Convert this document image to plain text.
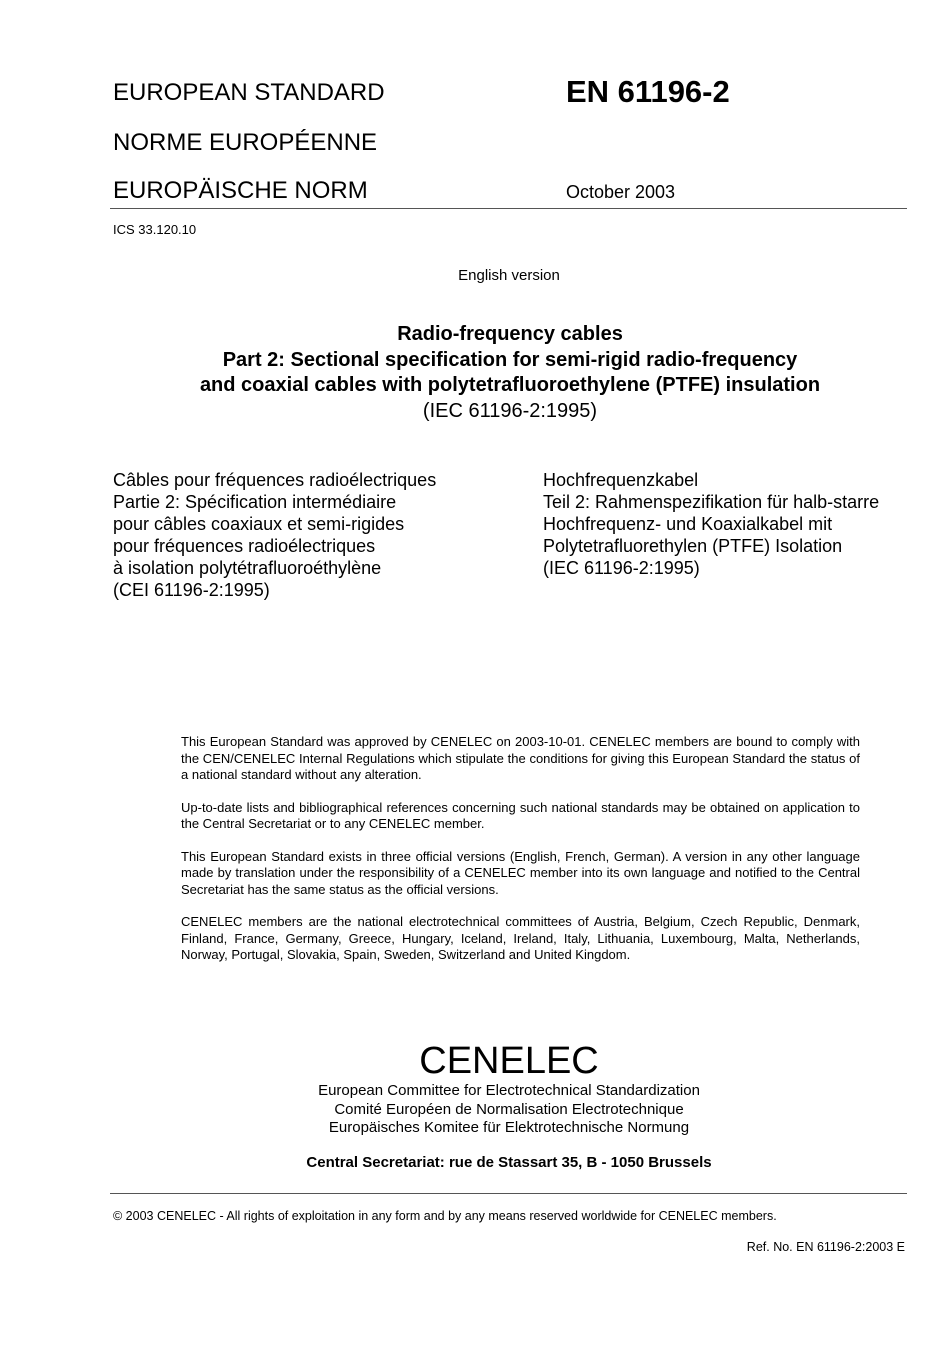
EUROPEAN STANDARD

NORME EUROPÉENNE

EUROPÄISCHE NORM

EN 61196-2

October 2003

ICS 33.120.10

English version

Radio-frequency cables
Part 2: Sectional specification for semi-rigid radio-frequency
and coaxial cables with polytetrafluoroethylene (PTFE) insulation
(IEC 61196-2:1995)
Câbles pour fréquences radioélectriques
Partie 2: Spécification intermédiaire
pour câbles coaxiaux et semi-rigides
pour fréquences radioélectriques
à isolation polytétrafluoroéthylène
(CEI 61196-2:1995)
Hochfrequenzkabel
Teil 2: Rahmenspezifikation für halb-starre
Hochfrequenz- und Koaxialkabel mit
Polytetrafluorethylen (PTFE) Isolation
(IEC 61196-2:1995)

This European Standard was approved by CENELEC on 2003-10-01. CENELEC members are bound to comply with the CEN/CENELEC Internal Regulations which stipulate the conditions for giving this European Standard the status of a national standard without any alteration.

Up-to-date lists and bibliographical references concerning such national standards may be obtained on application to the Central Secretariat or to any CENELEC member.

This European Standard exists in three official versions (English, French, German). A version in any other language made by translation under the responsibility of a CENELEC member into its own language and notified to the Central Secretariat has the same status as the official versions.

CENELEC members are the national electrotechnical committees of Austria, Belgium, Czech Republic, Denmark, Finland, France, Germany, Greece, Hungary, Iceland, Ireland, Italy, Lithuania, Luxembourg, Malta, Netherlands, Norway, Portugal, Slovakia, Spain, Sweden, Switzerland and United Kingdom.

CENELEC
European Committee for Electrotechnical Standardization
Comité Européen de Normalisation Electrotechnique
Europäisches Komitee für Elektrotechnische Normung
Central Secretariat: rue de Stassart 35, B - 1050 Brussels

© 2003 CENELEC - All rights of exploitation in any form and by any means reserved worldwide for CENELEC members.

Ref. No. EN 61196-2:2003 E
